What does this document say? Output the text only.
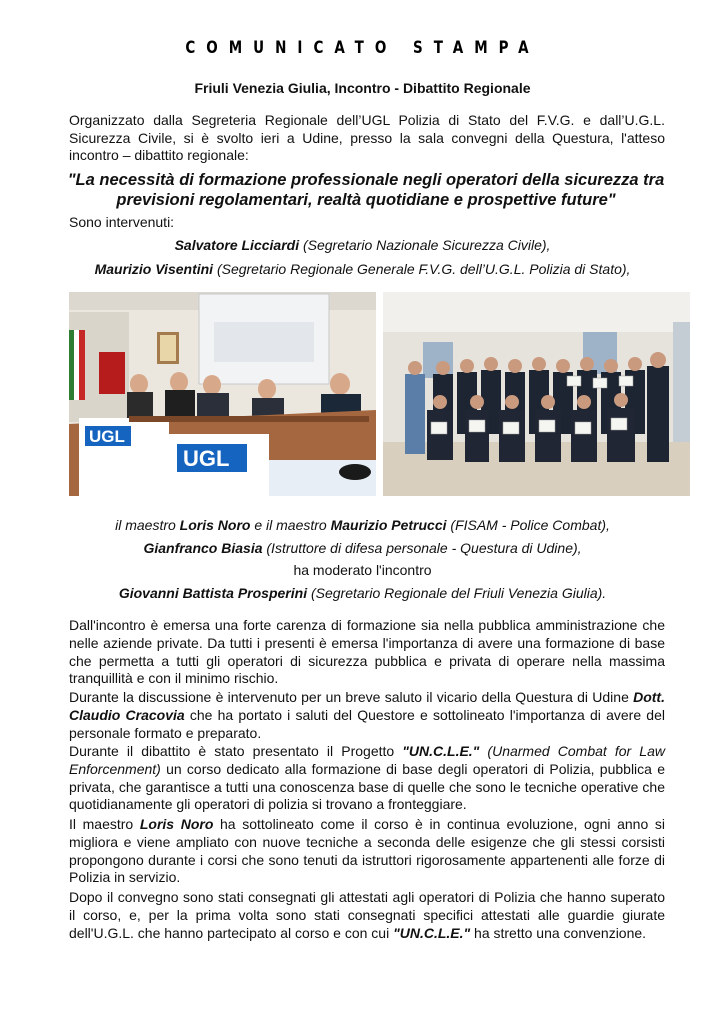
COMUNICATO STAMPA
Friuli Venezia Giulia, Incontro - Dibattito Regionale
Organizzato dalla Segreteria Regionale dell’UGL Polizia di Stato del F.V.G. e dall’U.G.L. Sicurezza Civile, si è svolto ieri a Udine, presso la sala convegni della Questura, l'atteso incontro – dibattito regionale:
"La necessità di formazione professionale negli operatori della sicurezza tra previsioni regolamentari, realtà quotidiane e prospettive future"
Sono intervenuti:
Salvatore Licciardi (Segretario Nazionale Sicurezza Civile),
Maurizio Visentini (Segretario Regionale Generale F.V.G. dell’U.G.L. Polizia di Stato),
UGL
UGL
il maestro Loris Noro e il maestro Maurizio Petrucci (FISAM - Police Combat),
Gianfranco Biasia (Istruttore di difesa personale - Questura di Udine),
ha moderato l'incontro
Giovanni Battista Prosperini (Segretario Regionale del Friuli Venezia Giulia).
Dall'incontro è emersa una forte carenza di formazione sia nella pubblica amministrazione che nelle aziende private. Da tutti i presenti è emersa l'importanza di avere una formazione di base che permetta a tutti gli operatori di sicurezza pubblica e privata di operare nella massima tranquillità e con il minimo rischio.
Durante la discussione è intervenuto per un breve saluto il vicario della Questura di Udine Dott. Claudio Cracovia che ha portato i saluti del Questore e sottolineato l'importanza di avere del personale formato e preparato.
Durante il dibattito è stato presentato il Progetto "UN.C.L.E." (Unarmed Combat for Law Enforcenment) un corso dedicato alla formazione di base degli operatori di Polizia, pubblica e privata, che garantisce a tutti una conoscenza base di quelle che sono le tecniche operative che quotidianamente gli operatori di polizia si trovano a fronteggiare.
Il maestro Loris Noro ha sottolineato come il corso è in continua evoluzione, ogni anno si migliora e viene ampliato con nuove tecniche a seconda delle esigenze che gli stessi corsisti propongono durante i corsi che sono tenuti da istruttori rigorosamente appartenenti alle forze di Polizia in servizio.
Dopo il convegno sono stati consegnati gli attestati agli operatori di Polizia che hanno superato il corso, e, per la prima volta sono stati consegnati specifici attestati alle guardie giurate dell'U.G.L. che hanno partecipato al corso e con cui "UN.C.L.E." ha stretto una convenzione.
